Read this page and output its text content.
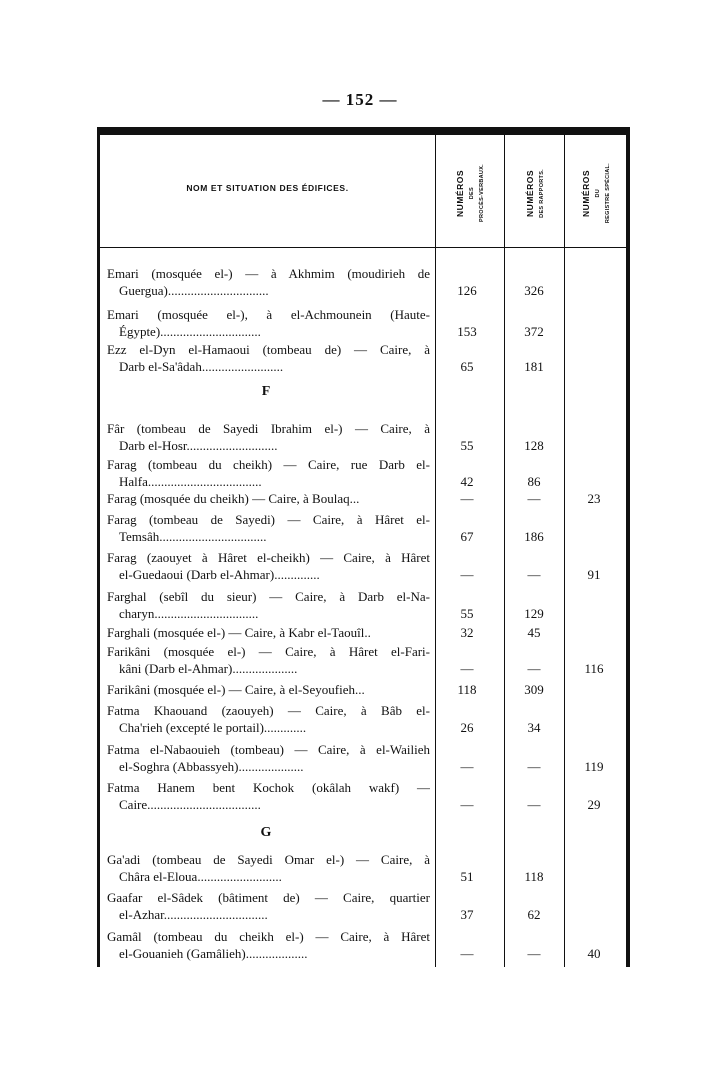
— 152 —
NOM ET SITUATION DES ÉDIFICES.	NUMÉROS DES PROCÈS-VERBAUX.	NUMÉROS DES RAPPORTS.	NUMÉROS DU REGISTRE SPÉCIAL.
Emari (mosquée el-) — à Akhmim (moudirieh de
Guergua)...............................	126	326
Emari (mosquée el-), à el-Achmounein (Haute-
Égypte)...............................	153	372
Ezz el-Dyn el-Hamaoui (tombeau de) — Caire, à
Darb el-Sa'âdah.........................	65	181
F
Fâr (tombeau de Sayedi Ibrahim el-) — Caire, à
Darb el-Hosr............................	55	128
Farag (tombeau du cheikh) — Caire, rue Darb el-
Halfa...................................	42	86
Farag (mosquée du cheikh) — Caire, à Boulaq...	—	—	23
Farag (tombeau de Sayedi) — Caire, à Hâret el-
Temsâh.................................	67	186
Farag (zaouyet à Hâret el-cheikh) — Caire, à Hâret
el-Guedaoui (Darb el-Ahmar)..............	—	—	91
Farghal (sebîl du sieur) — Caire, à Darb el-Na-
charyn................................	55	129
Farghali (mosquée el-) — Caire, à Kabr el-Taouîl..	32	45
Farikâni (mosquée el-) — Caire, à Hâret el-Fari-
kâni (Darb el-Ahmar)....................	—	—	116
Farikâni (mosquée el-) — Caire, à el-Seyoufieh...	118	309
Fatma Khaouand (zaouyeh) — Caire, à Bâb el-
Cha'rieh (excepté le portail).............	26	34
Fatma el-Nabaouieh (tombeau) — Caire, à el-Wailieh
el-Soghra (Abbassyeh)....................	—	—	119
Fatma Hanem bent Kochok (okâlah wakf) —
Caire...................................	—	—	29
G
Ga'adi (tombeau de Sayedi Omar el-) — Caire, à
Châra el-Eloua..........................	51	118
Gaafar el-Sâdek (bâtiment de) — Caire, quartier
el-Azhar................................	37	62
Gamâl (tombeau du cheikh el-) — Caire, à Hâret
el-Gouanieh (Gamâlieh)...................	—	—	40
